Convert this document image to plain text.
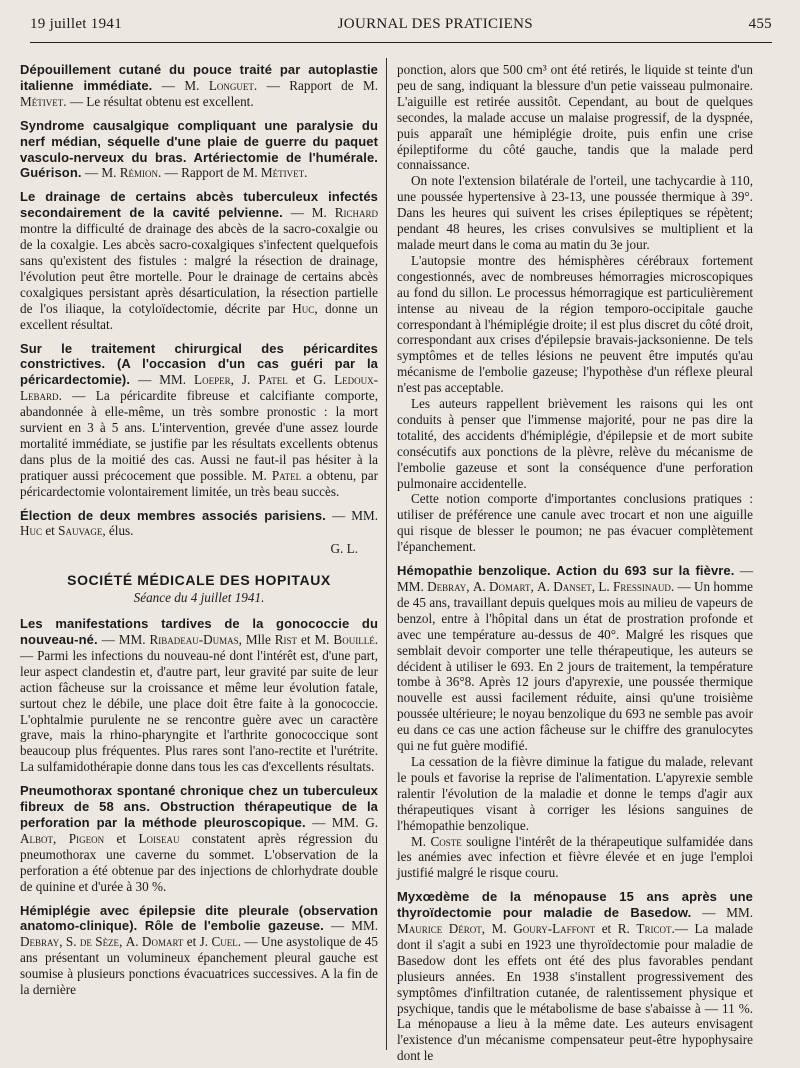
19 juillet 1941	JOURNAL DES PRATICIENS	455

Dépouillement cutané du pouce traité par autoplastie italienne immédiate. — M. Longuet. — Rapport de M. Métivet. — Le résultat obtenu est excellent.

Syndrome causalgique compliquant une paralysie du nerf médian, séquelle d'une plaie de guerre du paquet vasculo-nerveux du bras. Artériectomie de l'humérale. Guérison. — M. Rémion. — Rapport de M. Métivet.

Le drainage de certains abcès tuberculeux infectés secondairement de la cavité pelvienne. — M. Richard montre la difficulté de drainage des abcès de la sacro-coxalgie ou de la coxalgie. Les abcès sacro-coxalgiques s'infectent quelquefois sans qu'existent des fistules : malgré la résection de drainage, l'évolution peut être mortelle. Pour le drainage de certains abcès coxalgiques persistant après désarticulation, la résection partielle de l'os iliaque, la cotyloïdectomie, décrite par Huc, donne un excellent résultat.

Sur le traitement chirurgical des péricardites constrictives. (A l'occasion d'un cas guéri par la péricardectomie). — MM. Loeper, J. Patel et G. Ledoux-Lebard. — La péricardite fibreuse et calcifiante comporte, abandonnée à elle-même, un très sombre pronostic : la mort survient en 3 à 5 ans. L'intervention, grevée d'une assez lourde mortalité immédiate, se justifie par les résultats excellents obtenus dans plus de la moitié des cas. Aussi ne faut-il pas hésiter à la pratiquer aussi précocement que possible. M. Patel a obtenu, par péricardectomie volontairement limitée, un très beau succès.

Élection de deux membres associés parisiens. — MM. Huc et Sauvage, élus.

G. L.
SOCIÉTÉ MÉDICALE DES HOPITAUX
Séance du 4 juillet 1941.

Les manifestations tardives de la gonococcie du nouveau-né. — MM. Ribadeau-Dumas, Mlle Rist et M. Bouillé. — Parmi les infections du nouveau-né dont l'intérêt est, d'une part, leur aspect clandestin et, d'autre part, leur gravité par suite de leur action fâcheuse sur la croissance et même leur évolution fatale, surtout chez le débile, une place doit être faite à la gonococcie. L'ophtalmie purulente ne se rencontre guère avec un caractère grave, mais la rhino-pharyngite et l'arthrite gonococcique sont beaucoup plus fréquentes. Plus rares sont l'ano-rectite et l'urétrite. La sulfamidothérapie donne dans tous les cas d'excellents résultats.

Pneumothorax spontané chronique chez un tuberculeux fibreux de 58 ans. Obstruction thérapeutique de la perforation par la méthode pleuroscopique. — MM. G. Albot, Pigeon et Loiseau constatent après régression du pneumothorax une caverne du sommet. L'observation de la perforation a été obtenue par des injections de chlorhydrate double de quinine et d'urée à 30 %.

Hémiplégie avec épilepsie dite pleurale (observation anatomo-clinique). Rôle de l'embolie gazeuse. — MM. Debray, S. de Sèze, A. Domart et J. Cuel. — Une asystolique de 45 ans présentant un volumineux épanchement pleural gauche est soumise à plusieurs ponctions évacuatrices successives. A la fin de la dernière

ponction, alors que 500 cm³ ont été retirés, le liquide st teinte d'un peu de sang, indiquant la blessure d'un petie vaisseau pulmonaire. L'aiguille est retirée aussitôt. Cependant, au bout de quelques secondes, la malade accuse un malaise progressif, de la dyspnée, puis apparaît une hémiplégie droite, puis enfin une crise épileptiforme du côté gauche, tandis que la malade perd connaissance.

On note l'extension bilatérale de l'orteil, une tachycardie à 110, une poussée hypertensive à 23-13, une poussée thermique à 39°. Dans les heures qui suivent les crises épileptiques se répètent; pendant 48 heures, les crises convulsives se multiplient et la malade meurt dans le coma au matin du 3e jour.

L'autopsie montre des hémisphères cérébraux fortement congestionnés, avec de nombreuses hémorragies microscopiques au fond du sillon. Le processus hémorragique est particulièrement intense au niveau de la région temporo-occipitale gauche correspondant à l'hémiplégie droite; il est plus discret du côté droit, correspondant aux crises d'épilepsie bravais-jacksonienne. De tels symptômes et de telles lésions ne peuvent être imputés qu'au mécanisme de l'embolie gazeuse; l'hypothèse d'un réflexe pleural n'est pas acceptable.

Les auteurs rappellent brièvement les raisons qui les ont conduits à penser que l'immense majorité, pour ne pas dire la totalité, des accidents d'hémiplégie, d'épilepsie et de mort subite consécutifs aux ponctions de la plèvre, relève du mécanisme de l'embolie gazeuse et sont la conséquence d'une perforation pulmonaire accidentelle.

Cette notion comporte d'importantes conclusions pratiques : utiliser de préférence une canule avec trocart et non une aiguille qui risque de blesser le poumon; ne pas évacuer complètement l'épanchement.

Hémopathie benzolique. Action du 693 sur la fièvre. — MM. Debray, A. Domart, A. Danset, L. Fressinaud. — Un homme de 45 ans, travaillant depuis quelques mois au milieu de vapeurs de benzol, entre à l'hôpital dans un état de prostration profonde et avec une température au-dessus de 40°. Malgré les risques que semblait devoir comporter une telle thérapeutique, les auteurs se décident à utiliser le 693. En 2 jours de traitement, la température tombe à 36°8. Après 12 jours d'apyrexie, une poussée thermique nouvelle est aussi facilement réduite, ainsi qu'une troisième poussée ultérieure; le noyau benzolique du 693 ne semble pas avoir eu dans ce cas une action fâcheuse sur le chiffre des granulocytes qui ne fut guère modifié.

La cessation de la fièvre diminue la fatigue du malade, relevant le pouls et favorise la reprise de l'alimentation. L'apyrexie semble ralentir l'évolution de la maladie et donne le temps d'agir aux thérapeutiques visant à corriger les lésions sanguines de l'hémopathie benzolique.

M. Coste souligne l'intérêt de la thérapeutique sulfamidée dans les anémies avec infection et fièvre élevée et en juge l'emploi justifié malgré le risque couru.

Myxœdème de la ménopause 15 ans après une thyroïdectomie pour maladie de Basedow. — MM. Maurice Dérot, M. Goury-Laffont et R. Tricot.— La malade dont il s'agit a subi en 1923 une thyroïdectomie pour maladie de Basedow dont les effets ont été des plus favorables pendant plusieurs années. En 1938 s'installent progressivement des symptômes d'infiltration cutanée, de ralentissement physique et psychique, tandis que le métabolisme de base s'abaisse à — 11 %. La ménopause a lieu à la même date. Les auteurs envisagent l'existence d'un mécanisme compensateur peut-être hypophysaire dont le
